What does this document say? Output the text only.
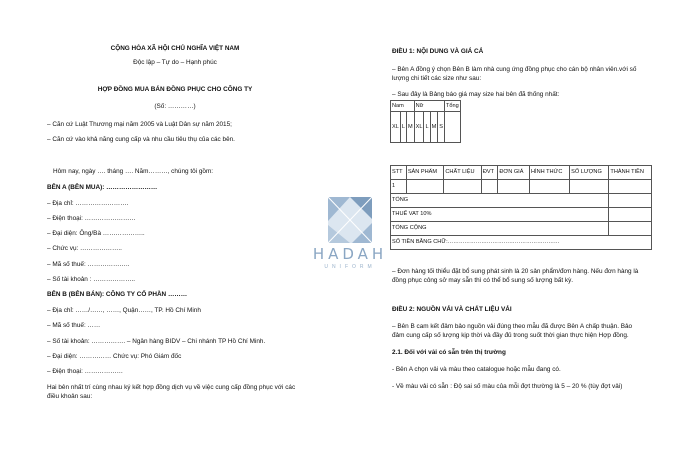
CỘNG HÒA XÃ HỘI CHỦ NGHĨA VIỆT NAM
Độc lập – Tự do – Hạnh phúc
HỢP ĐỒNG MUA BÁN ĐỒNG PHỤC CHO CÔNG TY
(Số: …………)
– Căn cứ Luật Thương mại năm 2005 và Luật Dân sự năm 2015;
– Căn cứ vào khả năng cung cấp và nhu cầu tiêu thụ của các bên.
Hôm nay, ngày …. tháng …. Năm………, chúng tôi gồm:
BÊN A (BÊN MUA): ……………………
– Địa chỉ: …………………….
– Điện thoại: ……………………
– Đại diện: Ông/Bà ………………..
– Chức vụ: ………………..
– Mã số thuế: ………………..
– Số tài khoản : ………………..
BÊN B (BÊN BÁN): CÔNG TY CỔ PHẦN ………
– Địa chỉ: ……/……, ……, Quận……, TP. Hồ Chí Minh
– Mã số thuế: ……
– Số tài khoản: ……………. – Ngân hàng BIDV – Chi nhánh TP Hồ Chí Minh.
– Đại diện: …………… Chức vụ: Phó Giám đốc
– Điện thoại: ………………
Hai bên nhất trí cùng nhau ký kết hợp đồng dịch vụ về việc cung cấp đồng phục với các
điều khoản sau:
ĐIỀU 1: NỘI DUNG VÀ GIÁ CẢ
– Bên A đồng ý chọn Bên B làm nhà cung ứng đồng phục cho cán bộ nhân viên.với số
lượng chi tiết các size như sau:
– Sau đây là Bảng báo giá may size hai bên đã thống nhất:
Nam			Nữ				Tổng
XL	L	M	XL	L	M	S	
STT	SẢN PHẨM	CHẤT LIỆU	ĐVT	ĐƠN GIÁ	HÌNH THỨC	SỐ LƯỢNG	THÀNH TIỀN
1							
TỔNG							
THUẾ VAT 10%							
TỔNG CỘNG							
SỐ TIỀN BẰNG CHỮ:……………………………………………………							
– Đơn hàng tối thiểu đặt bổ sung phát sinh là 20 sản phẩm/đơn hàng. Nếu đơn hàng là
đồng phục công sở may sẵn thì có thể bổ sung số lượng bất kỳ.
ĐIỀU 2: NGUỒN VẢI VÀ CHẤT LIỆU VẢI
– Bên B cam kết đảm bảo nguồn vải đúng theo mẫu đã được Bên A chấp thuận. Bảo
đảm cung cấp số lượng kịp thời và đầy đủ trong suốt thời gian thực hiện Hợp đồng.
2.1. Đối với vải có sẵn trên thị trường
- Bên A chọn vải và màu theo catalogue hoặc mẫu đang có.
- Về màu vải có sẵn : Độ sai số màu của mỗi đợt thường là 5 – 20 % (tùy đợt vải)
HADAH
UNIFORM
